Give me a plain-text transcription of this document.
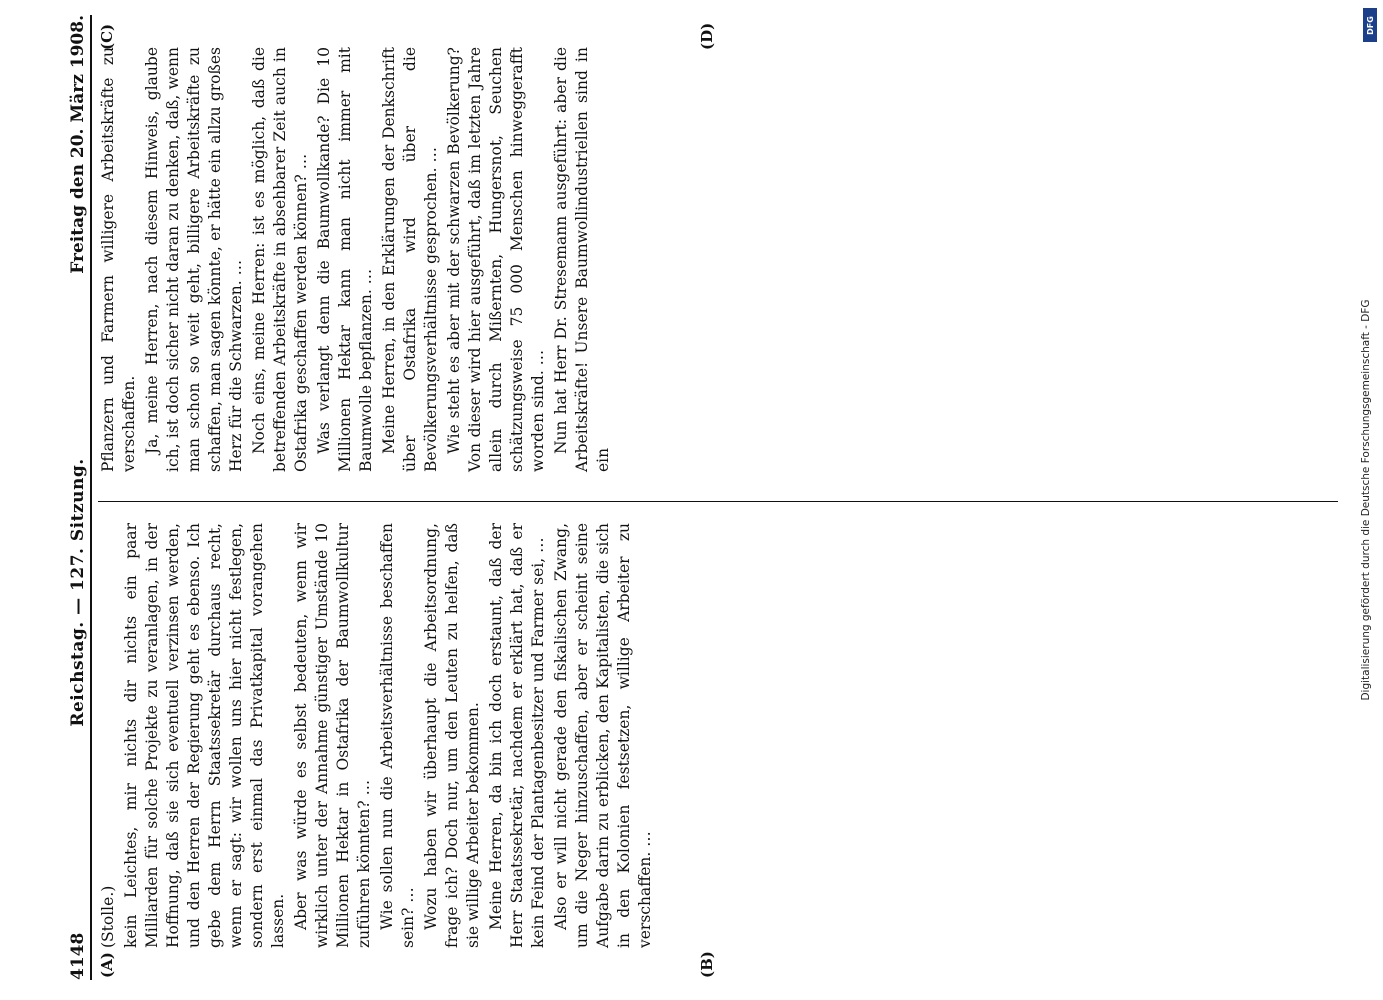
4148
Reichstag. — 127. Sitzung.
Freitag den 20. März 1908.
(A)	(B)
(C)	(D)

(Stolle.) kein Leichtes, mir nichts dir nichts ein paar Milliarden für solche Projekte zu veranlagen, in der Hoffnung, daß sie sich eventuell verzinsen werden, und den Herren der Regierung geht es ebenso. Ich gebe dem Herrn Staatssekretär durchaus recht, wenn er sagt: wir wollen uns hier nicht festlegen, sondern erst einmal das Privatkapital vorangehen lassen. Aber was würde es selbst bedeuten, wenn wir wirklich unter der Annahme günstiger Umstände 10 Millionen Hektar in Ostafrika der Baumwollkultur zuführen könnten? … Wie sollen nun die Arbeitsverhältnisse beschaffen sein? … Wozu haben wir überhaupt die Arbeitsordnung, frage ich? Doch nur, um den Leuten zu helfen, daß sie willige Arbeiter bekommen. Meine Herren, da bin ich doch erstaunt, daß der Herr Staatssekretär, nachdem er erklärt hat, daß er kein Feind der Plantagenbesitzer und Farmer sei, … Also er will nicht gerade den fiskalischen Zwang, um die Neger hinzuschaffen, aber er scheint seine Aufgabe darin zu erblicken, den Kapitalisten, die sich in den Kolonien festsetzen, willige Arbeiter zu verschaffen. …

Pflanzern und Farmern willigere Arbeitskräfte zu verschaffen. Ja, meine Herren, nach diesem Hinweis, glaube ich, ist doch sicher nicht daran zu denken, daß, wenn man schon so weit geht, billigere Arbeitskräfte zu schaffen, man sagen könnte, er hätte ein allzu großes Herz für die Schwarzen. … Noch eins, meine Herren: ist es möglich, daß die betreffenden Arbeitskräfte in absehbarer Zeit auch in Ostafrika geschaffen werden können? … Was verlangt denn die Baumwollkande? Die 10 Millionen Hektar kann man nicht immer mit Baumwolle bepflanzen. … Meine Herren, in den Erklärungen der Denkschrift über Ostafrika wird über die Bevölkerungsverhältnisse gesprochen. … Wie steht es aber mit der schwarzen Bevölkerung? Von dieser wird hier ausgeführt, daß im letzten Jahre allein durch Mißernten, Hungersnot, Seuchen schätzungsweise 75 000 Menschen hinweggerafft worden sind. … Nun hat Herr Dr. Stresemann ausgeführt: aber die Arbeitskräfte! Unsere Baumwollindustriellen sind in ein	Digitalisierung gefördert durch die Deutsche Forschungsgemeinschaft - DFG
DFG
